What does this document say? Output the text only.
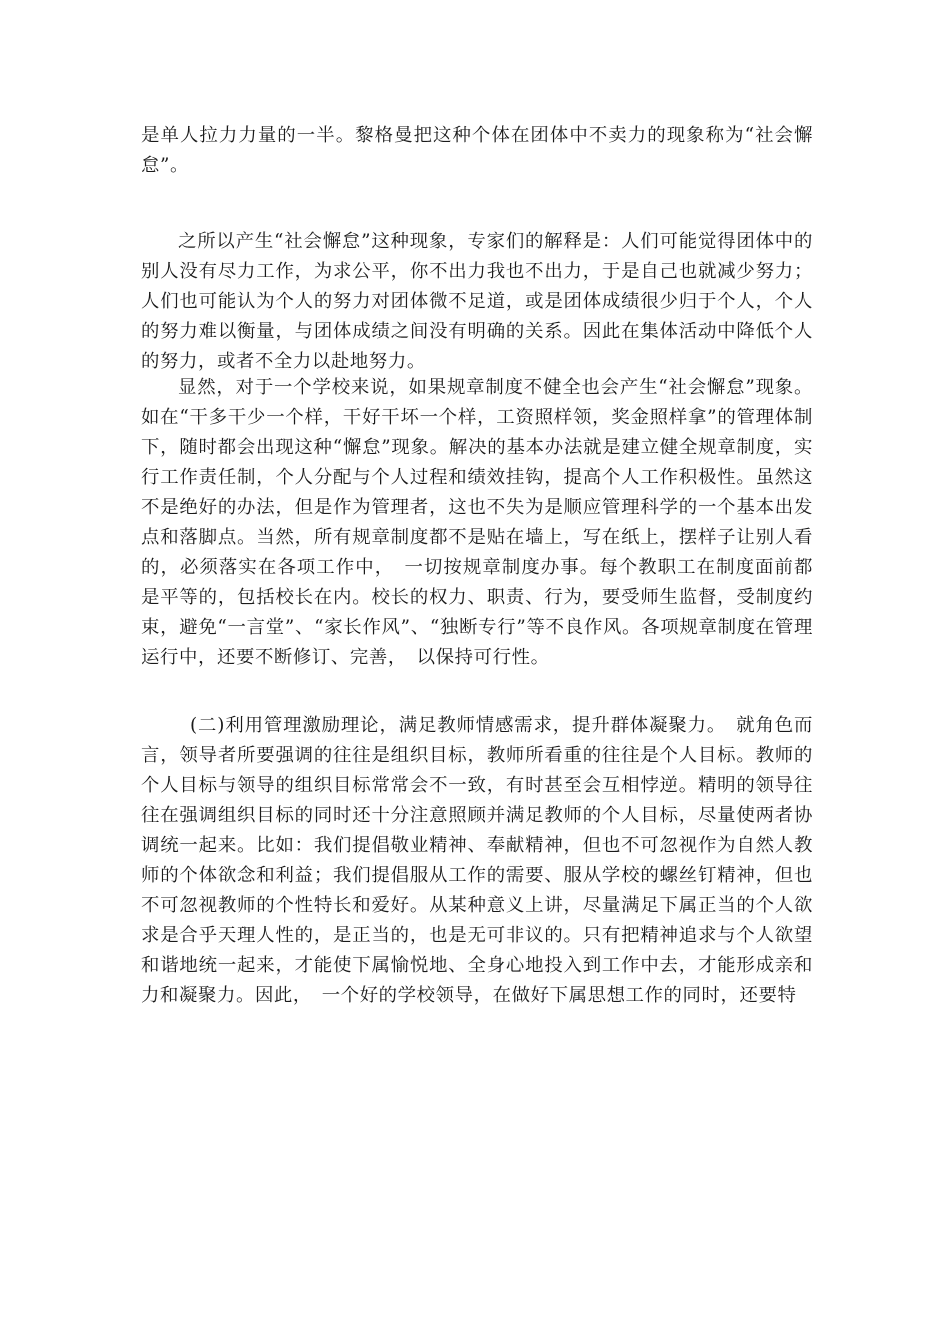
是单人拉力力量的一半。黎格曼把这种个体在团体中不卖力的现象称为“社会懈怠”。

之所以产生“社会懈怠”这种现象，专家们的解释是：人们可能觉得团体中的别人没有尽力工作，为求公平，你不出力我也不出力，于是自己也就减少努力；人们也可能认为个人的努力对团体微不足道，或是团体成绩很少归于个人，个人的努力难以衡量，与团体成绩之间没有明确的关系。因此在集体活动中降低个人的努力，或者不全力以赴地努力。

显然，对于一个学校来说，如果规章制度不健全也会产生“社会懈怠”现象。如在“干多干少一个样，干好干坏一个样，工资照样领，奖金照样拿”的管理体制下，随时都会出现这种“懈怠”现象。解决的基本办法就是建立健全规章制度，实行工作责任制，个人分配与个人过程和绩效挂钩，提高个人工作积极性。虽然这不是绝好的办法，但是作为管理者，这也不失为是顺应管理科学的一个基本出发点和落脚点。当然，所有规章制度都不是贴在墙上，写在纸上，摆样子让别人看的，必须落实在各项工作中，　一切按规章制度办事。每个教职工在制度面前都是平等的，包括校长在内。校长的权力、职责、行为，要受师生监督，受制度约束，避免“一言堂”、“家长作风”、“独断专行”等不良作风。各项规章制度在管理运行中，还要不断修订、完善，　以保持可行性。

(二)利用管理激励理论，满足教师情感需求，提升群体凝聚力。　就角色而言，领导者所要强调的往往是组织目标，教师所看重的往往是个人目标。教师的个人目标与领导的组织目标常常会不一致，有时甚至会互相悖逆。精明的领导往往在强调组织目标的同时还十分注意照顾并满足教师的个人目标，尽量使两者协调统一起来。比如：我们提倡敬业精神、奉献精神，但也不可忽视作为自然人教师的个体欲念和利益；我们提倡服从工作的需要、服从学校的螺丝钉精神，但也不可忽视教师的个性特长和爱好。从某种意义上讲，尽量满足下属正当的个人欲求是合乎天理人性的，是正当的，也是无可非议的。只有把精神追求与个人欲望和谐地统一起来，才能使下属愉悦地、全身心地投入到工作中去，才能形成亲和力和凝聚力。因此，　一个好的学校领导，在做好下属思想工作的同时，还要特
